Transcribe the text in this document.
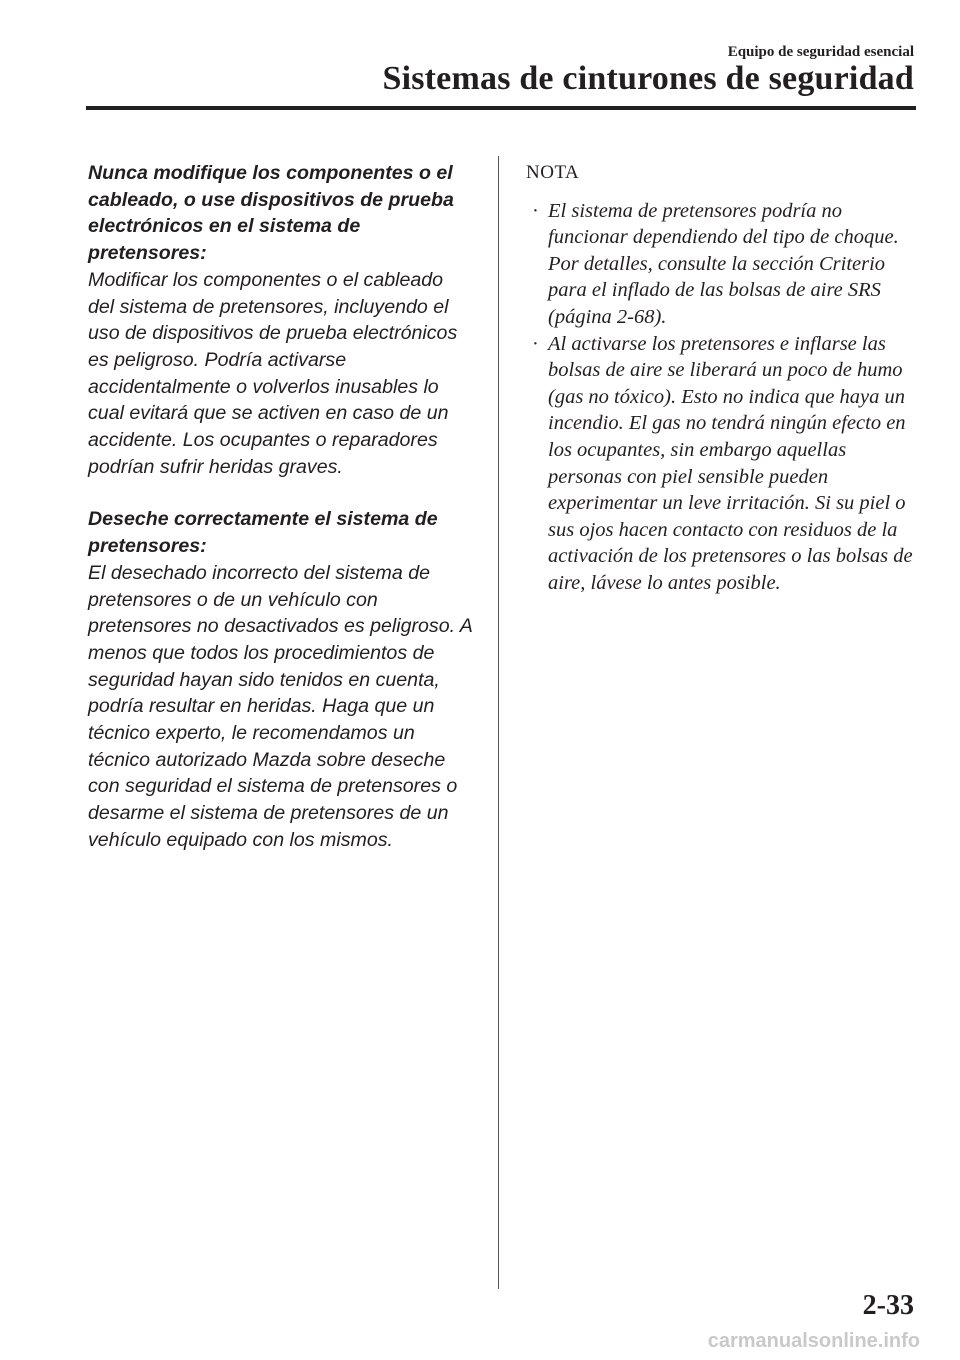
Equipo de seguridad esencial
Sistemas de cinturones de seguridad

Nunca modifique los componentes o el cableado, o use dispositivos de prueba electrónicos en el sistema de pretensores:

Modificar los componentes o el cableado del sistema de pretensores, incluyendo el uso de dispositivos de prueba electrónicos es peligroso. Podría activarse accidentalmente o volverlos inusables lo cual evitará que se activen en caso de un accidente. Los ocupantes o reparadores podrían sufrir heridas graves.

Deseche correctamente el sistema de pretensores:

El desechado incorrecto del sistema de pretensores o de un vehículo con pretensores no desactivados es peligroso. A menos que todos los procedimientos de seguridad hayan sido tenidos en cuenta, podría resultar en heridas. Haga que un técnico experto, le recomendamos un técnico autorizado Mazda sobre deseche con seguridad el sistema de pretensores o desarme el sistema de pretensores de un vehículo equipado con los mismos.

NOTA

· El sistema de pretensores podría no funcionar dependiendo del tipo de choque. Por detalles, consulte la sección Criterio para el inflado de las bolsas de aire SRS (página 2-68).

· Al activarse los pretensores e inflarse las bolsas de aire se liberará un poco de humo (gas no tóxico). Esto no indica que haya un incendio. El gas no tendrá ningún efecto en los ocupantes, sin embargo aquellas personas con piel sensible pueden experimentar un leve irritación. Si su piel o sus ojos hacen contacto con residuos de la activación de los pretensores o las bolsas de aire, lávese lo antes posible.

2-33
carmanualsonline.info
